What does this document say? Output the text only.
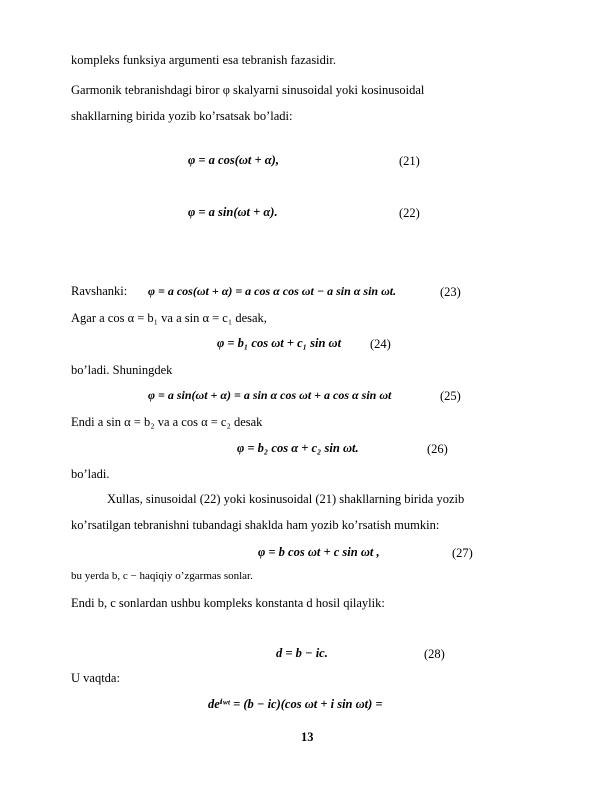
kompleks funksiya argumenti esa tebranish fazasidir.
Garmonik tebranishdagi biror φ skalyarni sinusoidal yoki kosinusoidal
shakllarning birida yozib ko’rsatsak bo’ladi:
φ = a cos(ωt + α),	(21)
φ = a sin(ωt + α).	(22)
Ravshanki: φ = a cos(ωt + α) = a cos α cos ωt − a sin α sin ωt.	(23)
Agar a cos α = b₁ va a sin α = c₁ desak,
φ = b₁ cos ωt + c₁ sin ωt (24)
bo’ladi. Shuningdek
φ = a sin(ωt + α) = a sin α cos ωt + a cos α sin ωt	(25)
Endi a sin α = b₂ va a cos α = c₂ desak
φ = b₂ cos α + c₂ sin ωt.	(26)
bo’ladi.
Xullas, sinusoidal (22) yoki kosinusoidal (21) shakllarning birida yozib
ko’rsatilgan tebranishni tubandagi shaklda ham yozib ko’rsatish mumkin:
φ = b cos ωt + c sin ωt ,	(27)
bu yerda b, c − haqiqiy o’zgarmas sonlar.
Endi b, c sonlardan ushbu kompleks konstanta d hosil qilaylik:
d = b − ic.	(28)
U vaqtda:
deⁱʷᵗ = (b − ic)(cos ωt + i sin ωt) =
13
